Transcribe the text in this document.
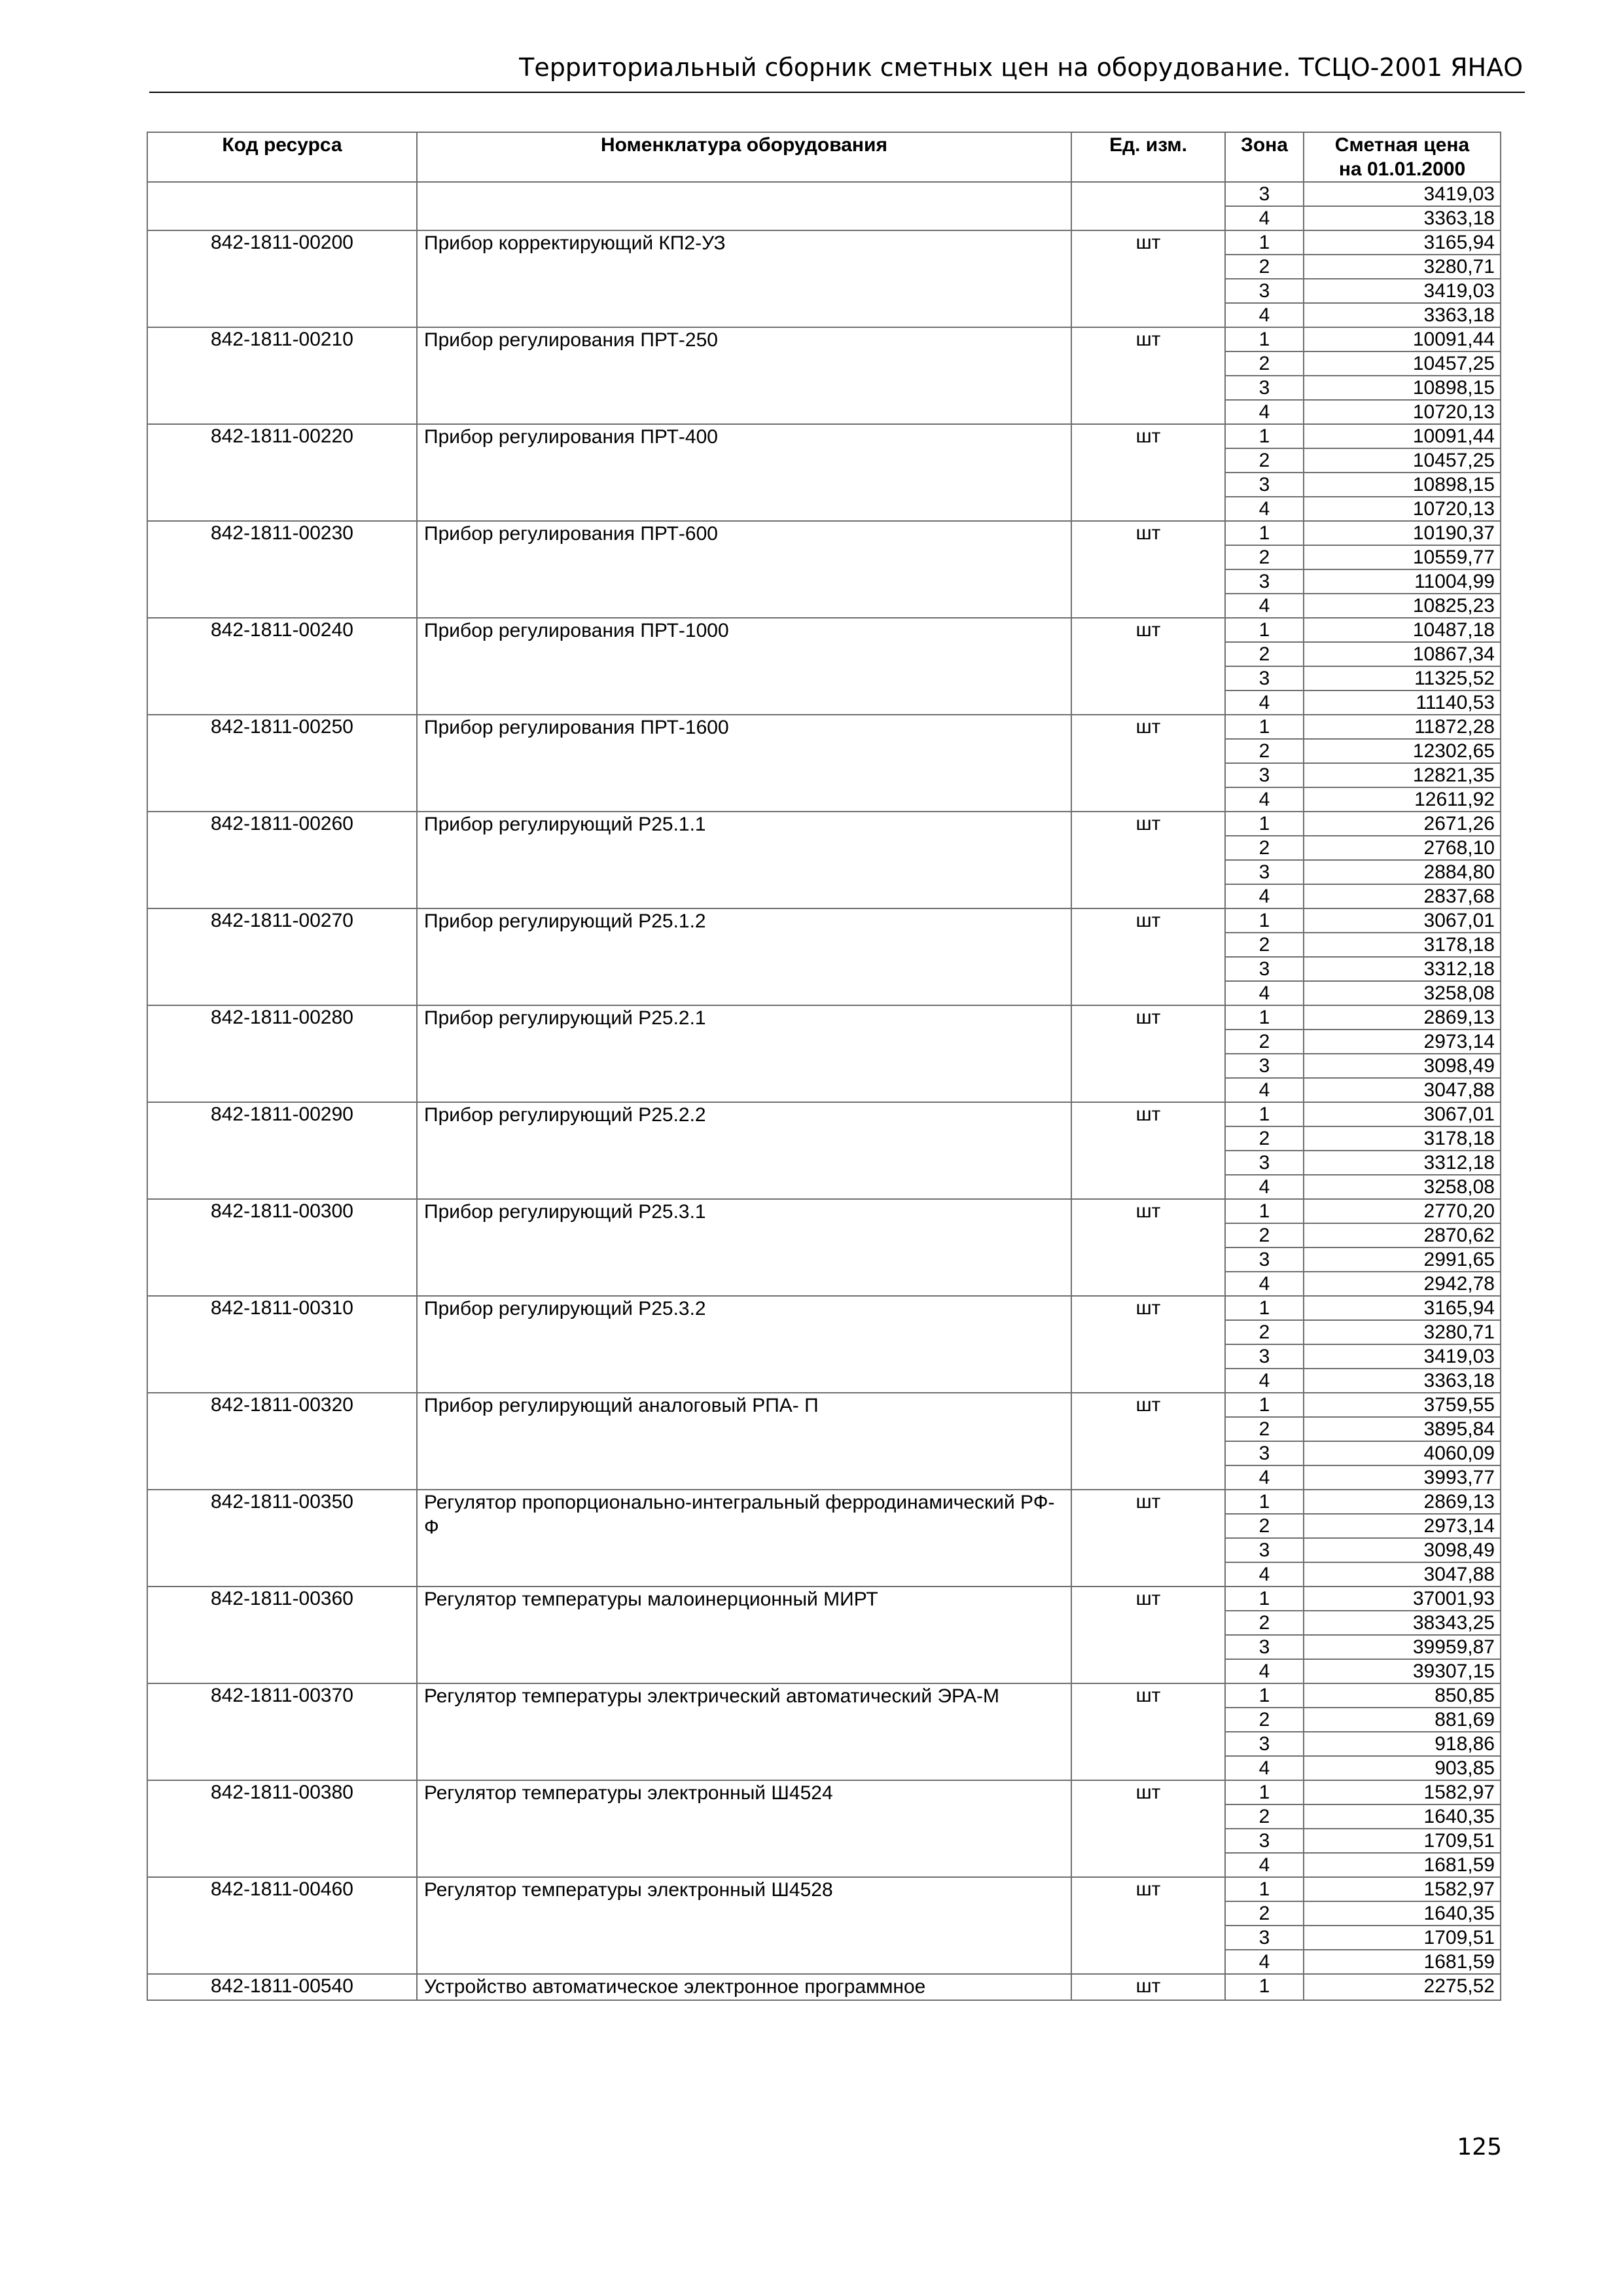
Территориальный сборник сметных цен на оборудование. ТСЦО-2001 ЯНАО
Код ресурса	Номенклатура оборудования	Ед. изм.	Зона	Сметная цена
на 01.01.2000
			3	3419,03
			4	3363,18
842-1811-00200	Прибор корректирующий КП2-УЗ	шт	1	3165,94
			2	3280,71
			3	3419,03
			4	3363,18
842-1811-00210	Прибор регулирования ПРТ-250	шт	1	10091,44
			2	10457,25
			3	10898,15
			4	10720,13
842-1811-00220	Прибор регулирования ПРТ-400	шт	1	10091,44
			2	10457,25
			3	10898,15
			4	10720,13
842-1811-00230	Прибор регулирования ПРТ-600	шт	1	10190,37
			2	10559,77
			3	11004,99
			4	10825,23
842-1811-00240	Прибор регулирования ПРТ-1000	шт	1	10487,18
			2	10867,34
			3	11325,52
			4	11140,53
842-1811-00250	Прибор регулирования ПРТ-1600	шт	1	11872,28
			2	12302,65
			3	12821,35
			4	12611,92
842-1811-00260	Прибор регулирующий Р25.1.1	шт	1	2671,26
			2	2768,10
			3	2884,80
			4	2837,68
842-1811-00270	Прибор регулирующий Р25.1.2	шт	1	3067,01
			2	3178,18
			3	3312,18
			4	3258,08
842-1811-00280	Прибор регулирующий Р25.2.1	шт	1	2869,13
			2	2973,14
			3	3098,49
			4	3047,88
842-1811-00290	Прибор регулирующий Р25.2.2	шт	1	3067,01
			2	3178,18
			3	3312,18
			4	3258,08
842-1811-00300	Прибор регулирующий Р25.3.1	шт	1	2770,20
			2	2870,62
			3	2991,65
			4	2942,78
842-1811-00310	Прибор регулирующий Р25.3.2	шт	1	3165,94
			2	3280,71
			3	3419,03
			4	3363,18
842-1811-00320	Прибор регулирующий аналоговый РПА- П	шт	1	3759,55
			2	3895,84
			3	4060,09
			4	3993,77
842-1811-00350	Регулятор пропорционально-интегральный ферродинамический РФ-Ф	шт	1	2869,13
			2	2973,14
			3	3098,49
			4	3047,88
842-1811-00360	Регулятор температуры малоинерционный МИРТ	шт	1	37001,93
			2	38343,25
			3	39959,87
			4	39307,15
842-1811-00370	Регулятор температуры электрический автоматический ЭРА-М	шт	1	850,85
			2	881,69
			3	918,86
			4	903,85
842-1811-00380	Регулятор температуры электронный Ш4524	шт	1	1582,97
			2	1640,35
			3	1709,51
			4	1681,59
842-1811-00460	Регулятор температуры электронный Ш4528	шт	1	1582,97
			2	1640,35
			3	1709,51
			4	1681,59
842-1811-00540	Устройство автоматическое электронное программное	шт	1	2275,52
125
